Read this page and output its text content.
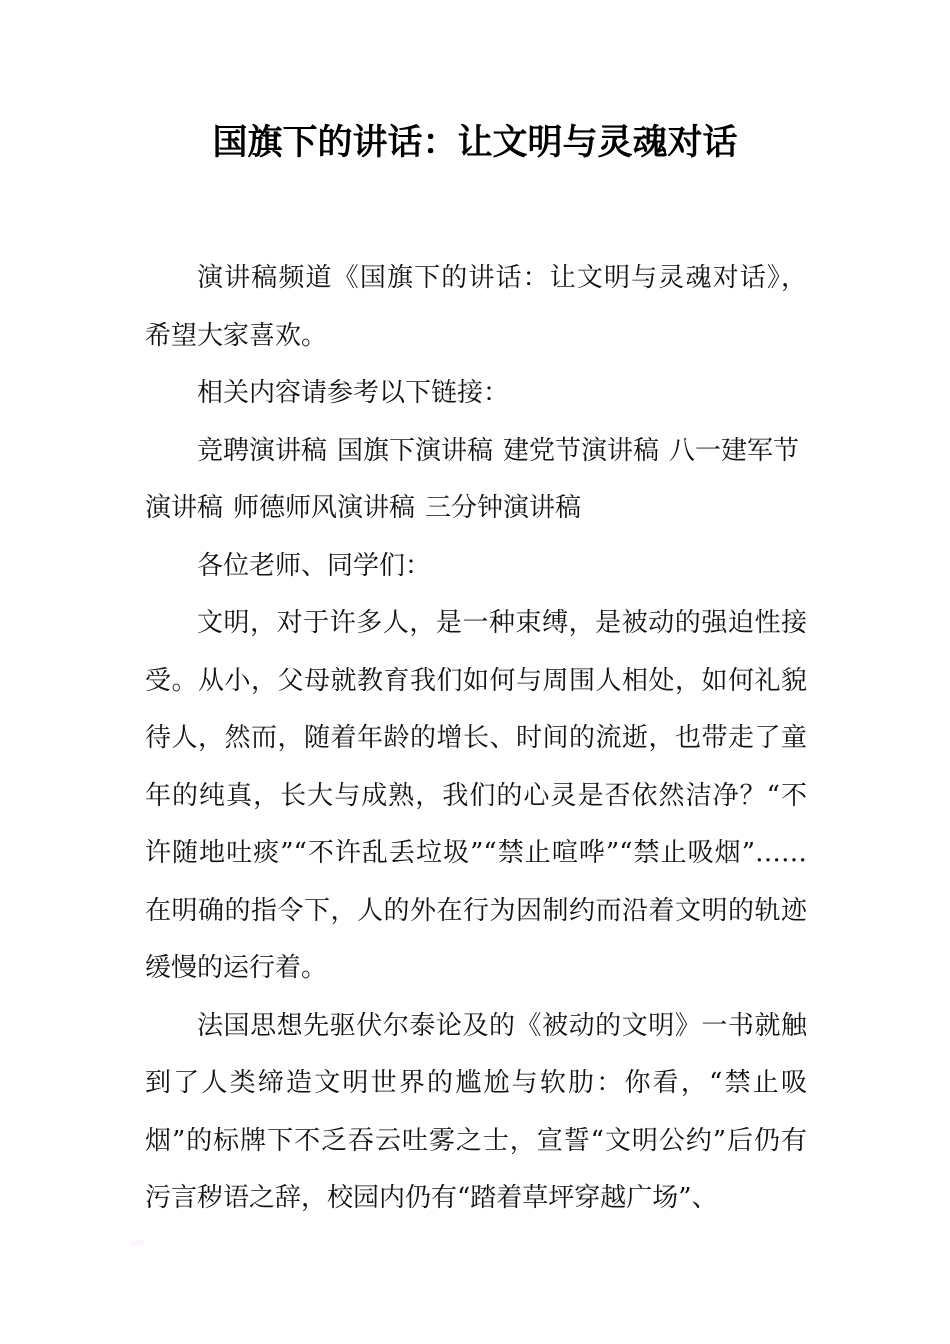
国旗下的讲话：让文明与灵魂对话

演讲稿频道《国旗下的讲话：让文明与灵魂对话》，希望大家喜欢。

相关内容请参考以下链接：

竞聘演讲稿 国旗下演讲稿 建党节演讲稿 八一建军节演讲稿 师德师风演讲稿 三分钟演讲稿

各位老师、同学们：

文明，对于许多人，是一种束缚，是被动的强迫性接受。从小，父母就教育我们如何与周围人相处，如何礼貌待人，然而，随着年龄的增长、时间的流逝，也带走了童年的纯真，长大与成熟，我们的心灵是否依然洁净？“不许随地吐痰”“不许乱丢垃圾”“禁止喧哗”“禁止吸烟”……在明确的指令下，人的外在行为因制约而沿着文明的轨迹缓慢的运行着。

法国思想先驱伏尔泰论及的《被动的文明》一书就触到了人类缔造文明世界的尴尬与软肋：你看，“禁止吸烟”的标牌下不乏吞云吐雾之士，宣誓“文明公约”后仍有污言秽语之辞，校园内仍有“踏着草坪穿越广场”、
